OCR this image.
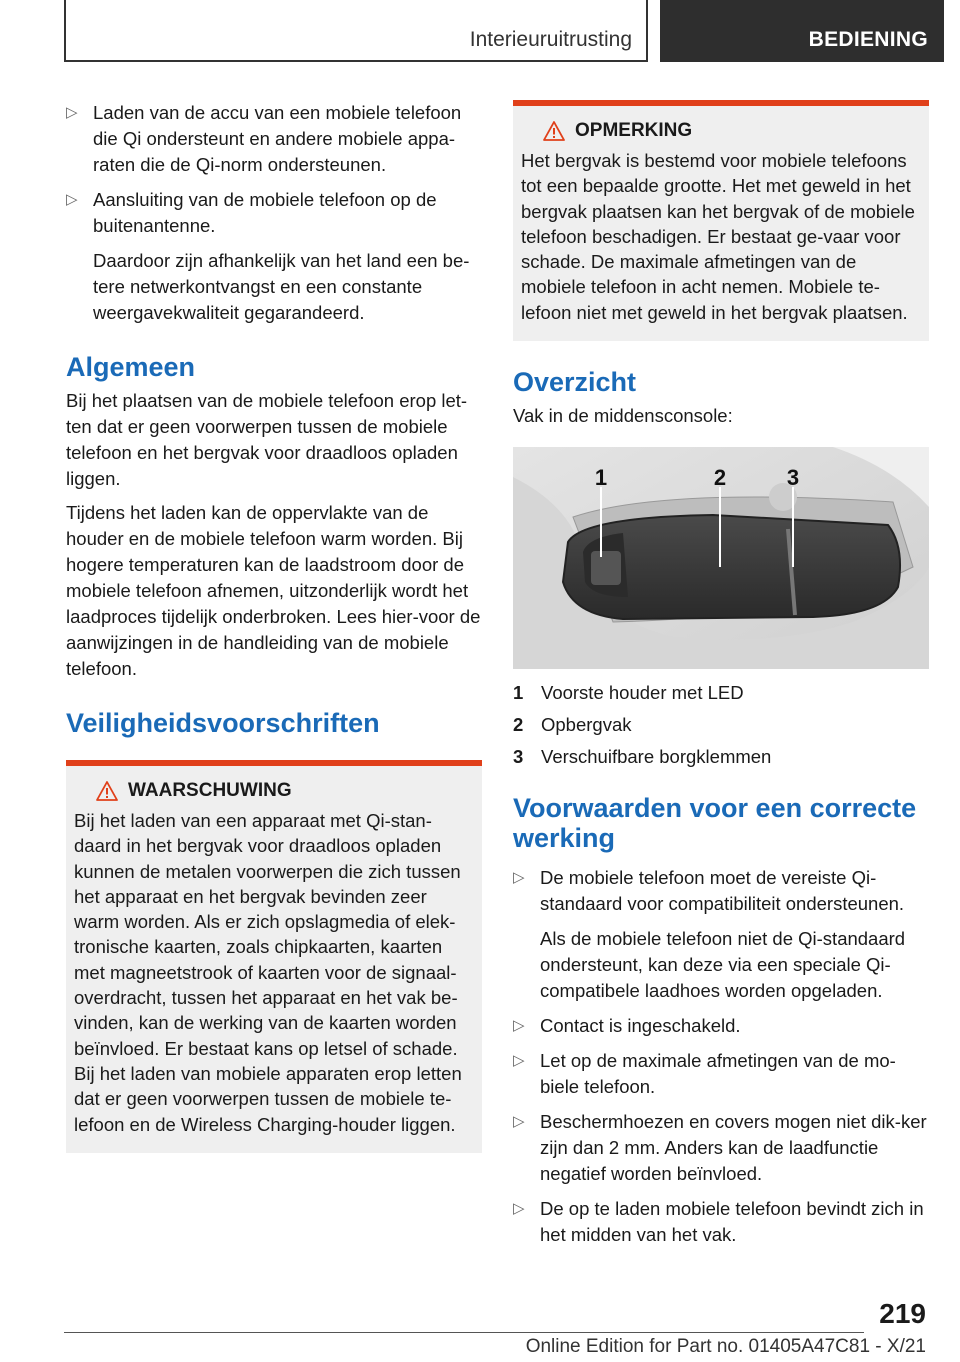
Interieuruitrusting	BEDIENING
▷ Laden van de accu van een mobiele telefoon die Qi ondersteunt en andere mobiele appa-raten die de Qi-norm ondersteunen.

▷ Aansluiting van de mobiele telefoon op de buitenantenne.

Daardoor zijn afhankelijk van het land een be-tere netwerkontvangst en een constante weergavekwaliteit gegarandeerd.

Algemeen

Bij het plaatsen van de mobiele telefoon erop let-ten dat er geen voorwerpen tussen de mobiele telefoon en het bergvak voor draadloos opladen liggen.

Tijdens het laden kan de oppervlakte van de houder en de mobiele telefoon warm worden. Bij hogere temperaturen kan de laadstroom door de mobiele telefoon afnemen, uitzonderlijk wordt het laadproces tijdelijk onderbroken. Lees hier-voor de aanwijzingen in de handleiding van de mobiele telefoon.

Veiligheidsvoorschriften

WAARSCHUWING

Bij het laden van een apparaat met Qi-stan-daard in het bergvak voor draadloos opladen kunnen de metalen voorwerpen die zich tussen het apparaat en het bergvak bevinden zeer warm worden. Als er zich opslagmedia of elek-tronische kaarten, zoals chipkaarten, kaarten met magneetstrook of kaarten voor de signaal-overdracht, tussen het apparaat en het vak be-vinden, kan de werking van de kaarten worden beïnvloed. Er bestaat kans op letsel of schade.

Bij het laden van mobiele apparaten erop letten dat er geen voorwerpen tussen de mobiele te-lefoon en de Wireless Charging-houder liggen.

OPMERKING

Het bergvak is bestemd voor mobiele telefoons tot een bepaalde grootte. Het met geweld in het bergvak plaatsen kan het bergvak of de mobiele telefoon beschadigen. Er bestaat ge-vaar voor schade. De maximale afmetingen van de mobiele telefoon in acht nemen. Mobiele te-lefoon niet met geweld in het bergvak plaatsen.

Overzicht

Vak in de middensconsole:

1	2	3
1 Voorste houder met LED
2 Opbergvak
3 Verschuifbare borgklemmen
Voorwaarden voor een correcte werking
▷ De mobiele telefoon moet de vereiste Qi-standaard voor compatibiliteit ondersteunen.

Als de mobiele telefoon niet de Qi-standaard ondersteunt, kan deze via een speciale Qi-compatibele laadhoes worden opgeladen.

▷ Contact is ingeschakeld.

▷ Let op de maximale afmetingen van de mo-biele telefoon.

▷ Beschermhoezen en covers mogen niet dik-ker zijn dan 2 mm. Anders kan de laadfunctie negatief worden beïnvloed.

▷ De op te laden mobiele telefoon bevindt zich in het midden van het vak.

219
Online Edition for Part no. 01405A47C81 - X/21
